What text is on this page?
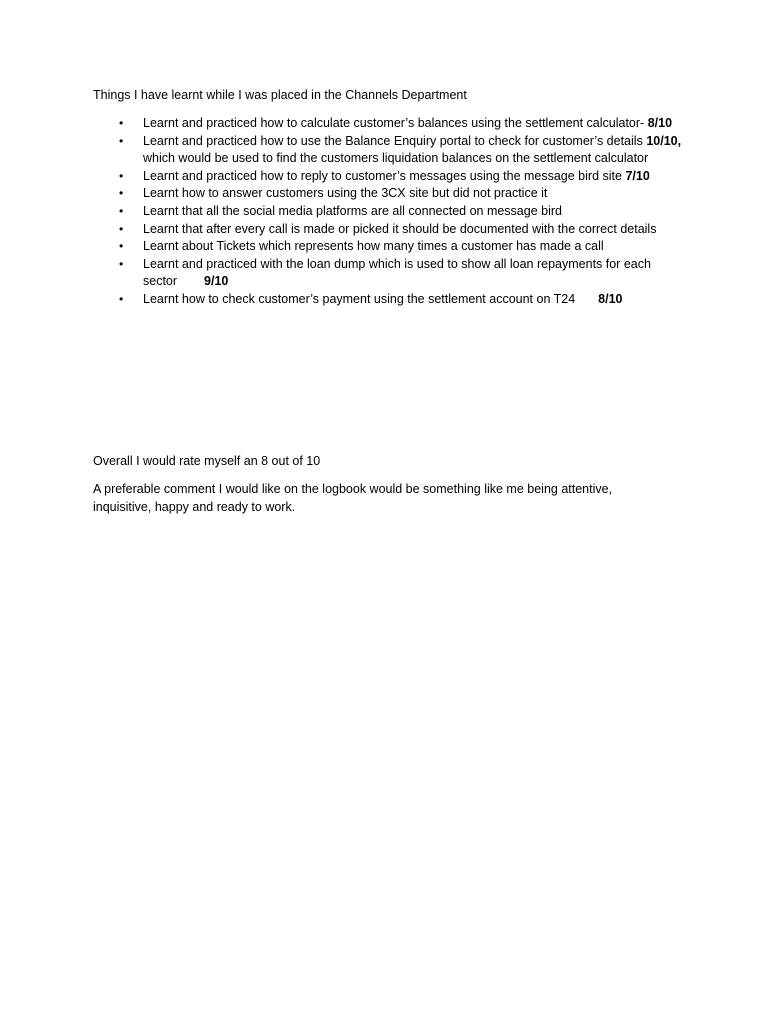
Things I have learnt while I was placed in the Channels Department

• Learnt and practiced how to calculate customer’s balances using the settlement calculator- 8/10
• Learnt and practiced how to use the Balance Enquiry portal to check for customer’s details 10/10, which would be used to find the customers liquidation balances on the settlement calculator
• Learnt and practiced how to reply to customer’s messages using the message bird site 7/10
• Learnt how to answer customers using the 3CX site but did not practice it
• Learnt that all the social media platforms are all connected on message bird
• Learnt that after every call is made or picked it should be documented with the correct details
• Learnt about Tickets which represents how many times a customer has made a call
• Learnt and practiced with the loan dump which is used to show all loan repayments for each sector 9/10
• Learnt how to check customer’s payment using the settlement account on T24 8/10

Overall I would rate myself an 8 out of 10

A preferable comment I would like on the logbook would be something like me being attentive, inquisitive, happy and ready to work.
